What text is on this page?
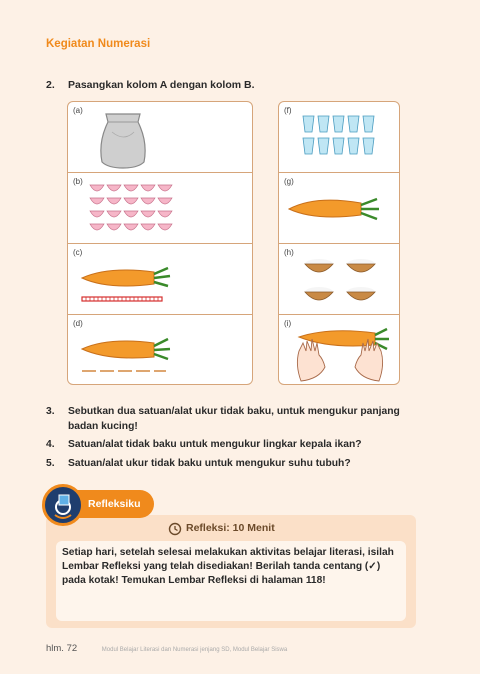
Kegiatan Numerasi
2. Pasangkan kolom A dengan kolom B.
(a)
(b)
(c)
(d)
(f)
(g)
(h)
(i)
3.	Sebutkan dua satuan/alat ukur tidak baku, untuk mengukur panjang badan kucing!
4.	Satuan/alat tidak baku untuk mengukur lingkar kepala ikan?
5.	Satuan/alat ukur tidak baku untuk mengukur suhu tubuh?
Refleksiku
Refleksi: 10 Menit
Setiap hari, setelah selesai melakukan aktivitas belajar literasi, isilah Lembar Refleksi yang telah disediakan! Berilah tanda centang (✓) pada kotak! Temukan Lembar Refleksi di halaman 118!
hlm. 72	Modul Belajar Literasi dan Numerasi jenjang SD, Modul Belajar Siswa
